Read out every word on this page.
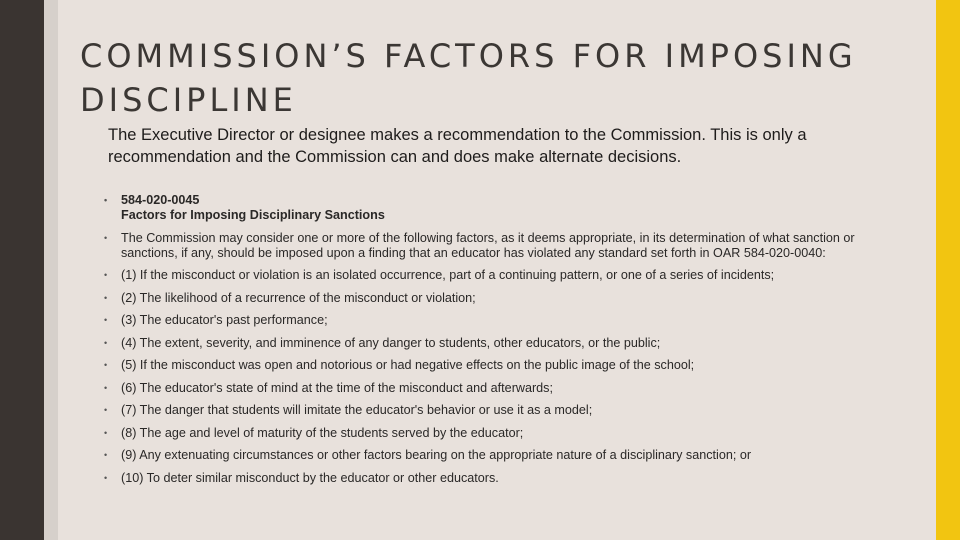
COMMISSION’S FACTORS FOR IMPOSING DISCIPLINE

The Executive Director or designee makes a recommendation to the Commission. This is only a recommendation and the Commission can and does make alternate decisions.

• 584-020-0045
Factors for Imposing Disciplinary Sanctions
• The Commission may consider one or more of the following factors, as it deems appropriate, in its determination of what sanction or sanctions, if any, should be imposed upon a finding that an educator has violated any standard set forth in OAR 584-020-0040:
• (1) If the misconduct or violation is an isolated occurrence, part of a continuing pattern, or one of a series of incidents;
• (2) The likelihood of a recurrence of the misconduct or violation;
• (3) The educator's past performance;
• (4) The extent, severity, and imminence of any danger to students, other educators, or the public;
• (5) If the misconduct was open and notorious or had negative effects on the public image of the school;
• (6) The educator's state of mind at the time of the misconduct and afterwards;
• (7) The danger that students will imitate the educator's behavior or use it as a model;
• (8) The age and level of maturity of the students served by the educator;
• (9) Any extenuating circumstances or other factors bearing on the appropriate nature of a disciplinary sanction; or
• (10) To deter similar misconduct by the educator or other educators.
